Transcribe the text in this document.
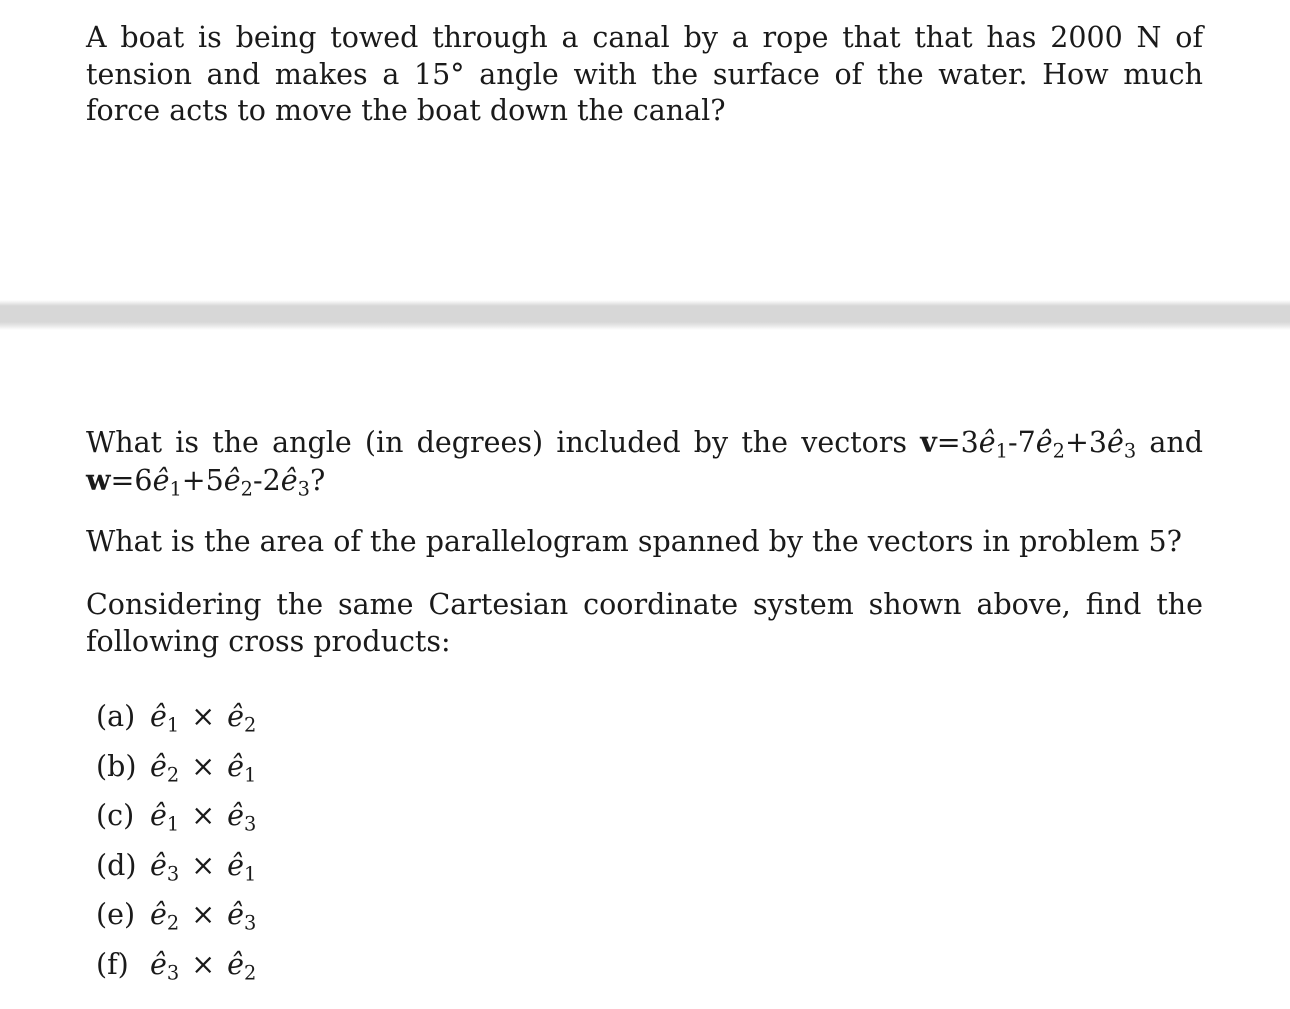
A boat is being towed through a canal by a rope that that has 2000 N of tension and makes a 15° angle with the surface of the water. How much force acts to move the boat down the canal?

What is the angle (in degrees) included by the vectors $v=3ê_1-7ê_2+3ê_3$ and $w=6ê_1+5ê_2-2ê_3$?

What is the area of the parallelogram spanned by the vectors in problem 5?

Considering the same Cartesian coordinate system shown above, find the following cross products:

(a) $ê_1$ × $ê_2$
(b) $ê_2$ × $ê_1$
(c) $ê_1$ × $ê_3$
(d) $ê_3$ × $ê_1$
(e) $ê_2$ × $ê_3$
(f) $ê_3$ × $ê_2$
